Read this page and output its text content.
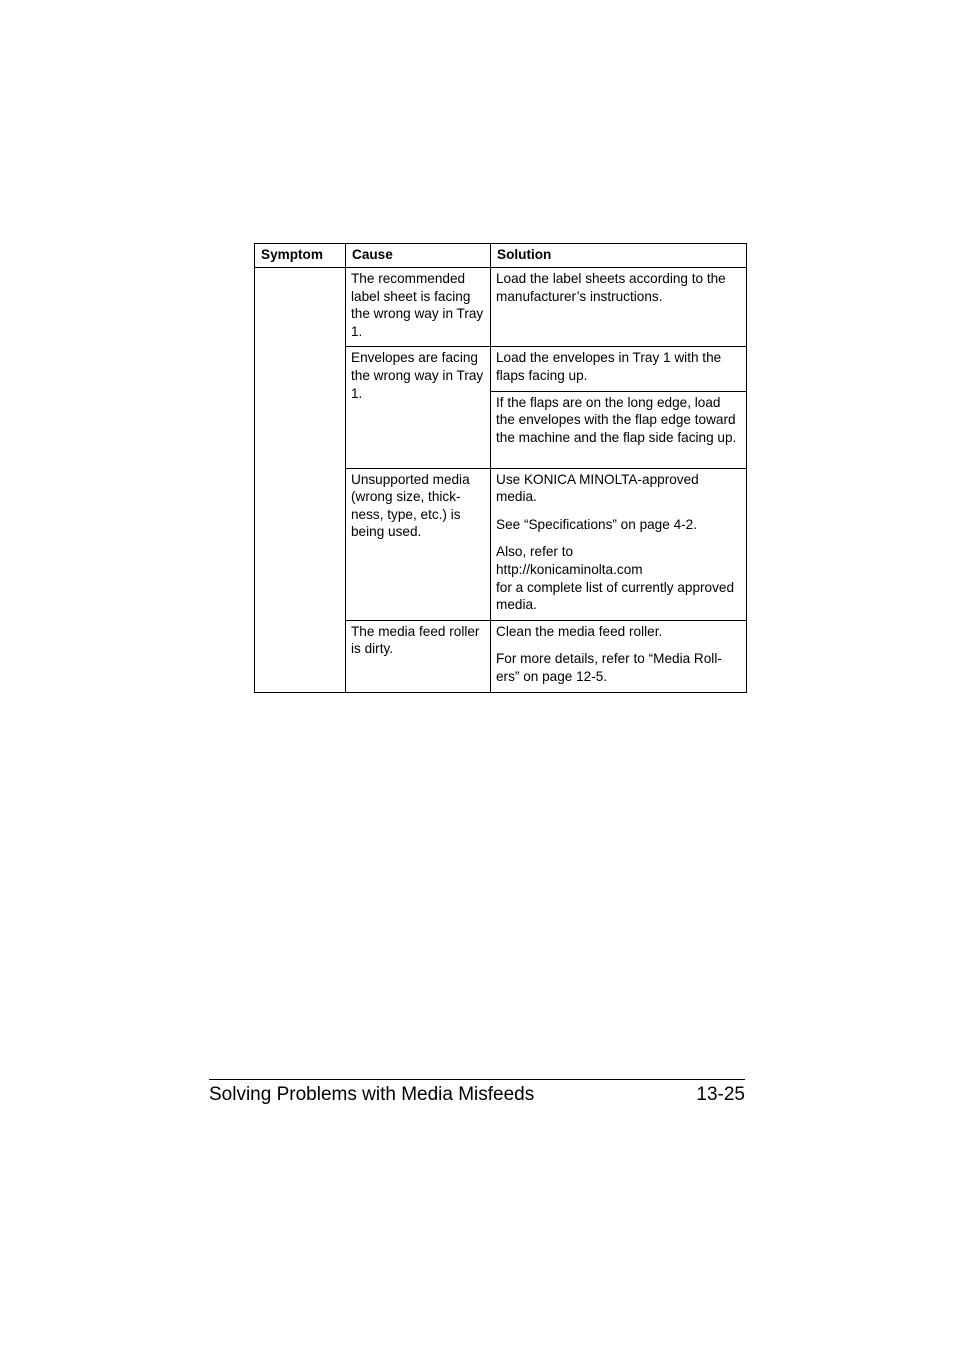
Symptom	Cause	Solution

	The recommended label sheet is facing the wrong way in Tray 1.	Load the label sheets according to the manufacturer’s instructions.

	Envelopes are facing the wrong way in Tray 1.	Load the envelopes in Tray 1 with the flaps facing up.

		If the flaps are on the long edge, load the envelopes with the flap edge toward the machine and the flap side facing up.

	Unsupported media (wrong size, thick-ness, type, etc.) is being used.	Use KONICA MINOLTA-approved media.

See “Specifications” on page 4-2.

Also, refer to

http://konicaminolta.com

for a complete list of currently approved media.

	The media feed roller is dirty.	Clean the media feed roller.

For more details, refer to “Media Roll-ers” on page 12-5.

Solving Problems with Media Misfeeds	13-25
